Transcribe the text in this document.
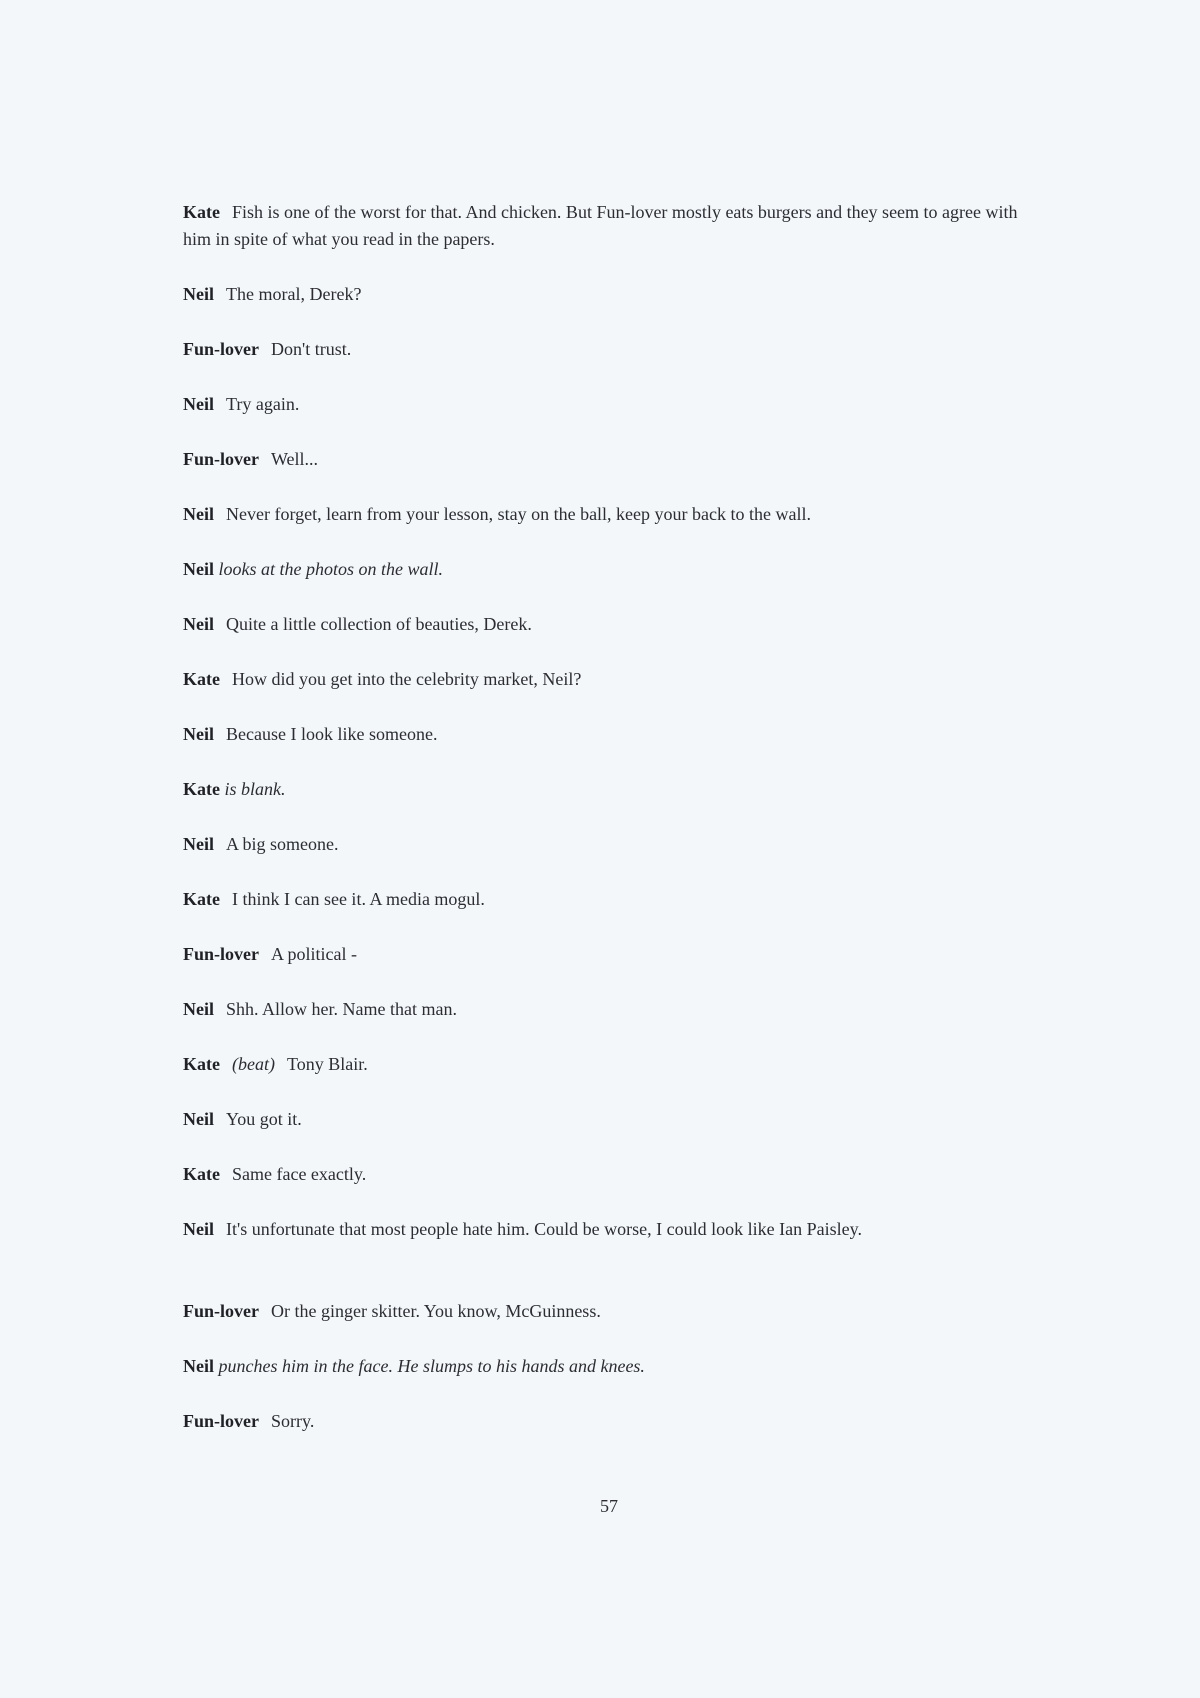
Kate Fish is one of the worst for that. And chicken. But Fun-lover mostly eats burgers and they seem to agree with him in spite of what you read in the papers.

Neil The moral, Derek?

Fun-lover Don't trust.

Neil Try again.

Fun-lover Well...

Neil Never forget, learn from your lesson, stay on the ball, keep your back to the wall.

Neil looks at the photos on the wall.

Neil Quite a little collection of beauties, Derek.

Kate How did you get into the celebrity market, Neil?

Neil Because I look like someone.

Kate is blank.

Neil A big someone.

Kate I think I can see it. A media mogul.

Fun-lover A political -

Neil Shh. Allow her. Name that man.

Kate (beat) Tony Blair.

Neil You got it.

Kate Same face exactly.

Neil It's unfortunate that most people hate him. Could be worse, I could look like Ian Paisley.

Fun-lover Or the ginger skitter. You know, McGuinness.

Neil punches him in the face. He slumps to his hands and knees.

Fun-lover Sorry.

57
